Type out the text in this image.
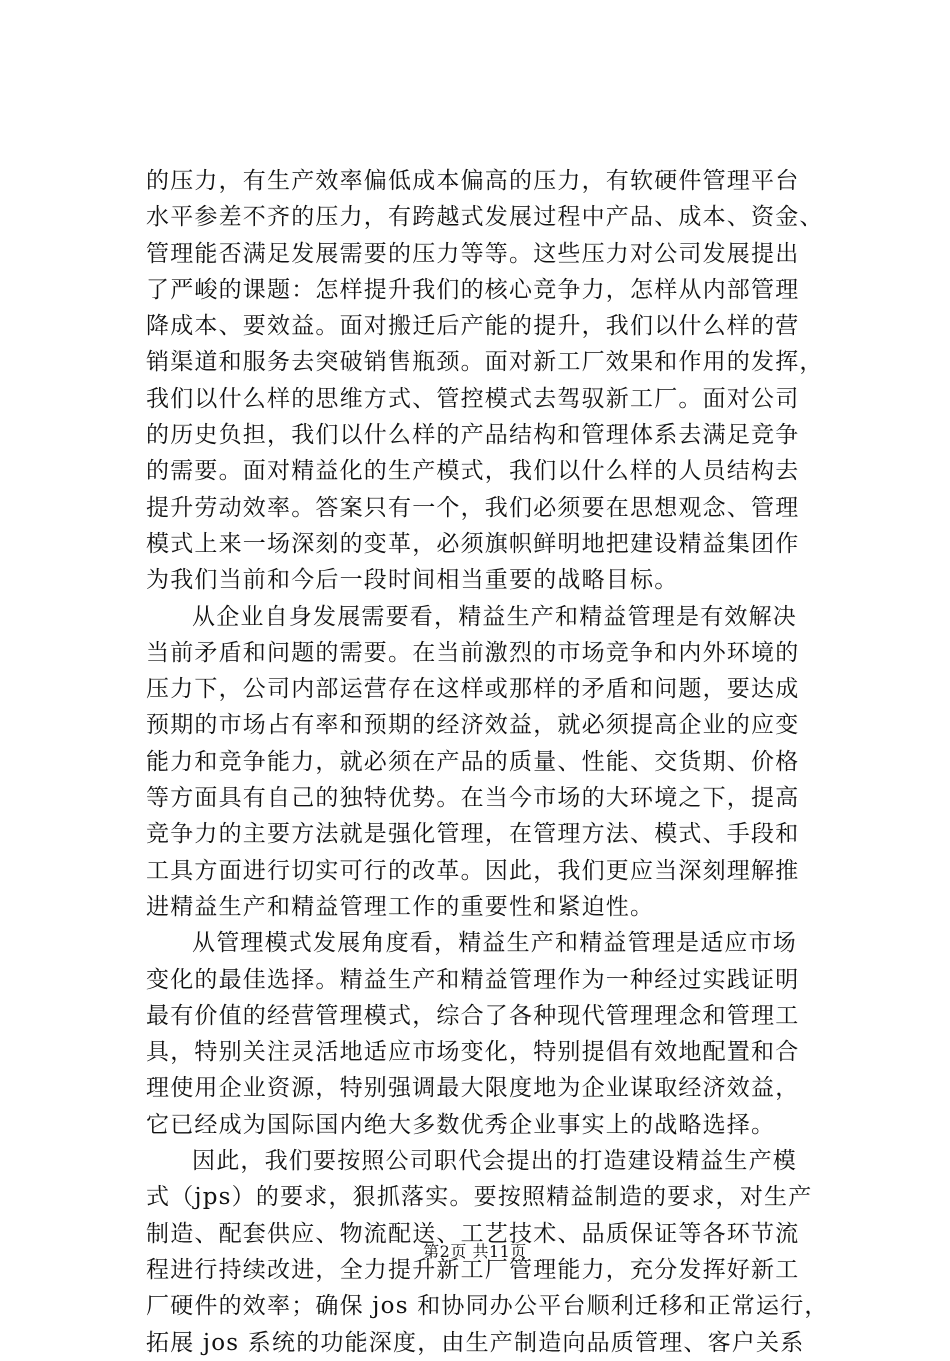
的压力，有生产效率偏低成本偏高的压力，有软硬件管理平台
水平参差不齐的压力，有跨越式发展过程中产品、成本、资金、
管理能否满足发展需要的压力等等。这些压力对公司发展提出
了严峻的课题：怎样提升我们的核心竞争力，怎样从内部管理
降成本、要效益。面对搬迁后产能的提升，我们以什么样的营
销渠道和服务去突破销售瓶颈。面对新工厂效果和作用的发挥，
我们以什么样的思维方式、管控模式去驾驭新工厂。面对公司
的历史负担，我们以什么样的产品结构和管理体系去满足竞争
的需要。面对精益化的生产模式，我们以什么样的人员结构去
提升劳动效率。答案只有一个，我们必须要在思想观念、管理
模式上来一场深刻的变革，必须旗帜鲜明地把建设精益集团作
为我们当前和今后一段时间相当重要的战略目标。
从企业自身发展需要看，精益生产和精益管理是有效解决
当前矛盾和问题的需要。在当前激烈的市场竞争和内外环境的
压力下，公司内部运营存在这样或那样的矛盾和问题，要达成
预期的市场占有率和预期的经济效益，就必须提高企业的应变
能力和竞争能力，就必须在产品的质量、性能、交货期、价格
等方面具有自己的独特优势。在当今市场的大环境之下，提高
竞争力的主要方法就是强化管理，在管理方法、模式、手段和
工具方面进行切实可行的改革。因此，我们更应当深刻理解推
进精益生产和精益管理工作的重要性和紧迫性。
从管理模式发展角度看，精益生产和精益管理是适应市场
变化的最佳选择。精益生产和精益管理作为一种经过实践证明
最有价值的经营管理模式，综合了各种现代管理理念和管理工
具，特别关注灵活地适应市场变化，特别提倡有效地配置和合
理使用企业资源，特别强调最大限度地为企业谋取经济效益，
它已经成为国际国内绝大多数优秀企业事实上的战略选择。
因此，我们要按照公司职代会提出的打造建设精益生产模
式（jps）的要求，狠抓落实。要按照精益制造的要求，对生产
制造、配套供应、物流配送、工艺技术、品质保证等各环节流
程进行持续改进，全力提升新工厂管理能力，充分发挥好新工
厂硬件的效率；确保 jos 和协同办公平台顺利迁移和正常运行，
拓展 jos 系统的功能深度，由生产制造向品质管理、客户关系
第2页 共11页
